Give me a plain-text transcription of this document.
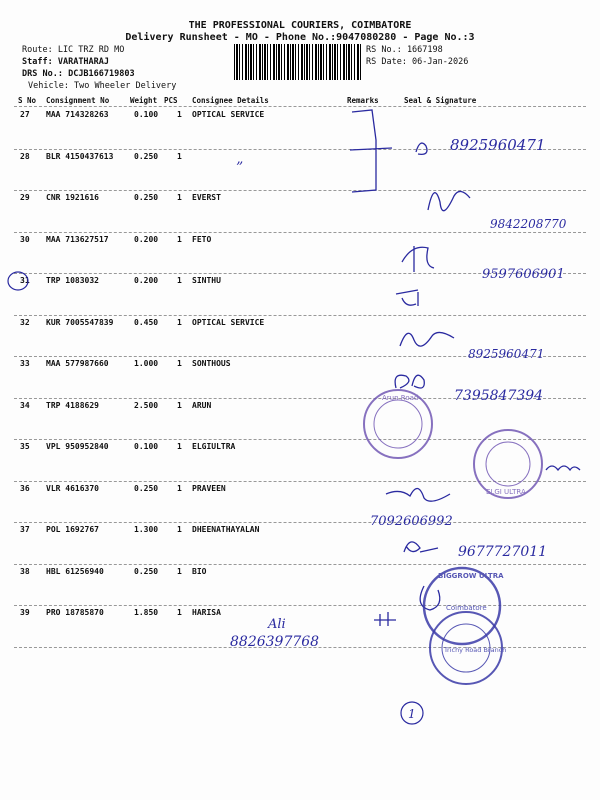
THE PROFESSIONAL COURIERS, COIMBATORE
Delivery Runsheet - MO - Phone No.:9047080280 - Page No.:3
Route: LIC TRZ RD MO
Staff: VARATHARAJ
DRS No.: DCJB166719803
Vehicle: Two Wheeler Delivery
RS No.: 1667198
RS Date: 06-Jan-2026
S No Consignment No	Weight PCS Consignee Details	Remarks	Seal & Signature
27 MAA 714328263	0.100 1 OPTICAL SERVICE
28 BLR 4150437613	0.250 1
29 CNR 1921616	0.250 1 EVERST
30 MAA 713627517	0.200 1 FETO
31 TRP 1083032	0.200 1 SINTHU
32 KUR 7005547839	0.450 1 OPTICAL SERVICE
33 MAA 577987660	1.000 1 SONTHOUS
34 TRP 4188629	2.500 1 ARUN
35 VPL 950952840	0.100 1 ELGIULTRA
36 VLR 4616370	0.250 1 PRAVEEN
37 POL 1692767	1.300 1 DHEENATHAYALAN
38 HBL 61256940	0.250 1 BIO
39 PRO 18785870	1.850 1 HARISA
8925960471
”
9842208770
9597606901
8925960471
7395847394
7092606992
9677727011
Ali
8826397768
1
Arun Road
ELGI ULTRA
BIGGROW ULTRA
Coimbatore
Trichy Road Branch
